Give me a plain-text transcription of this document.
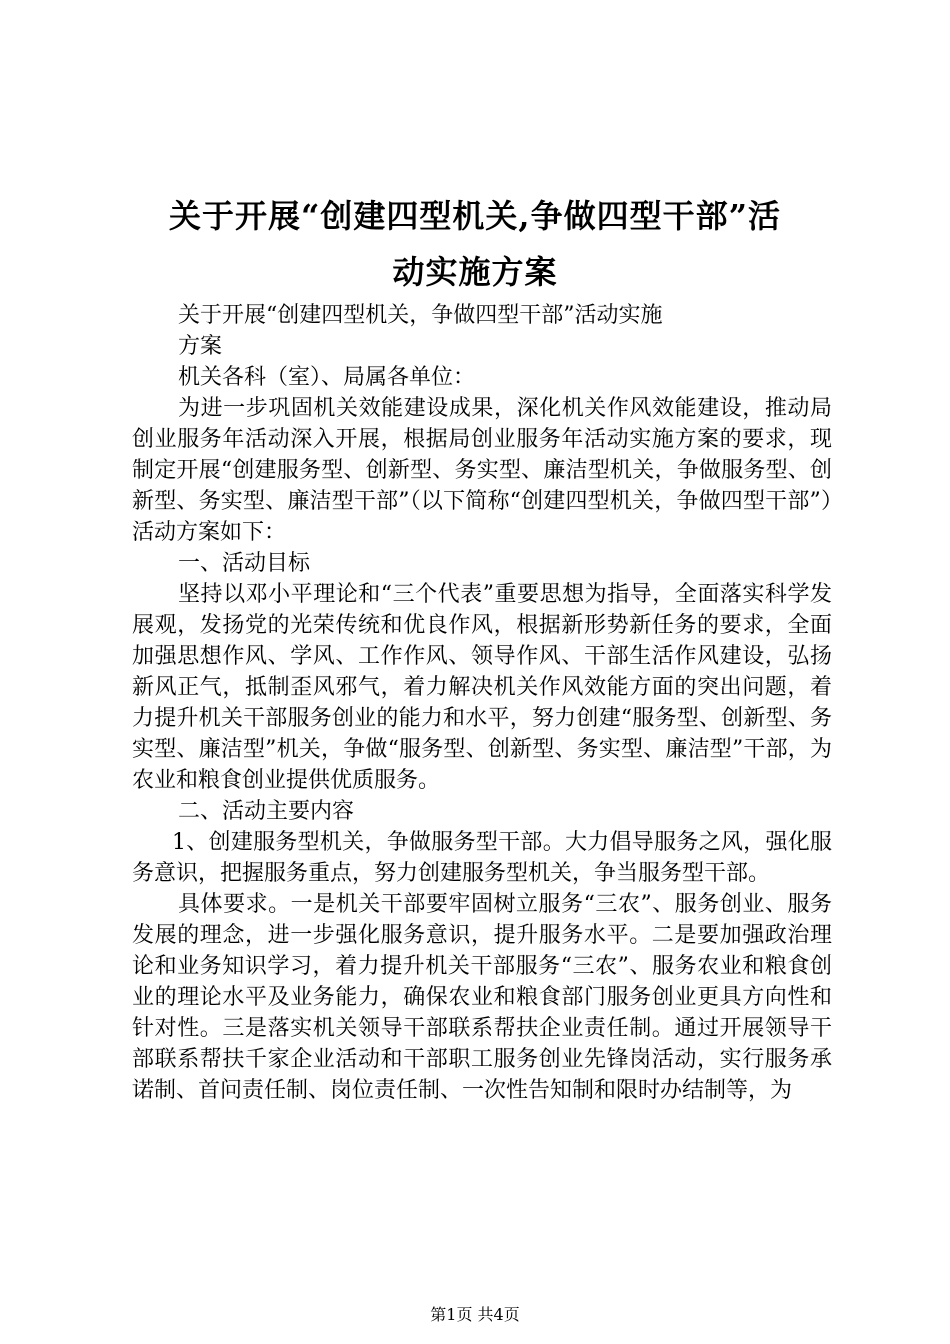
关于开展“创建四型机关,争做四型干部”活
动实施方案

关于开展“创建四型机关，争做四型干部”活动实施

方案

机关各科（室）、局属各单位：

为进一步巩固机关效能建设成果，深化机关作风效能建设，推动局创业服务年活动深入开展，根据局创业服务年活动实施方案的要求，现制定开展“创建服务型、创新型、务实型、廉洁型机关，争做服务型、创新型、务实型、廉洁型干部”（以下简称“创建四型机关，争做四型干部”）活动方案如下：

一、活动目标

坚持以邓小平理论和“三个代表”重要思想为指导，全面落实科学发展观，发扬党的光荣传统和优良作风，根据新形势新任务的要求，全面加强思想作风、学风、工作作风、领导作风、干部生活作风建设，弘扬新风正气，抵制歪风邪气，着力解决机关作风效能方面的突出问题，着力提升机关干部服务创业的能力和水平，努力创建“服务型、创新型、务实型、廉洁型”机关，争做“服务型、创新型、务实型、廉洁型”干部，为农业和粮食创业提供优质服务。

二、活动主要内容

1、创建服务型机关，争做服务型干部。大力倡导服务之风，强化服务意识，把握服务重点，努力创建服务型机关，争当服务型干部。

具体要求。一是机关干部要牢固树立服务“三农”、服务创业、服务发展的理念，进一步强化服务意识，提升服务水平。二是要加强政治理论和业务知识学习，着力提升机关干部服务“三农”、服务农业和粮食创业的理论水平及业务能力，确保农业和粮食部门服务创业更具方向性和针对性。三是落实机关领导干部联系帮扶企业责任制。通过开展领导干部联系帮扶千家企业活动和干部职工服务创业先锋岗活动，实行服务承诺制、首问责任制、岗位责任制、一次性告知制和限时办结制等，为

第1页 共4页
